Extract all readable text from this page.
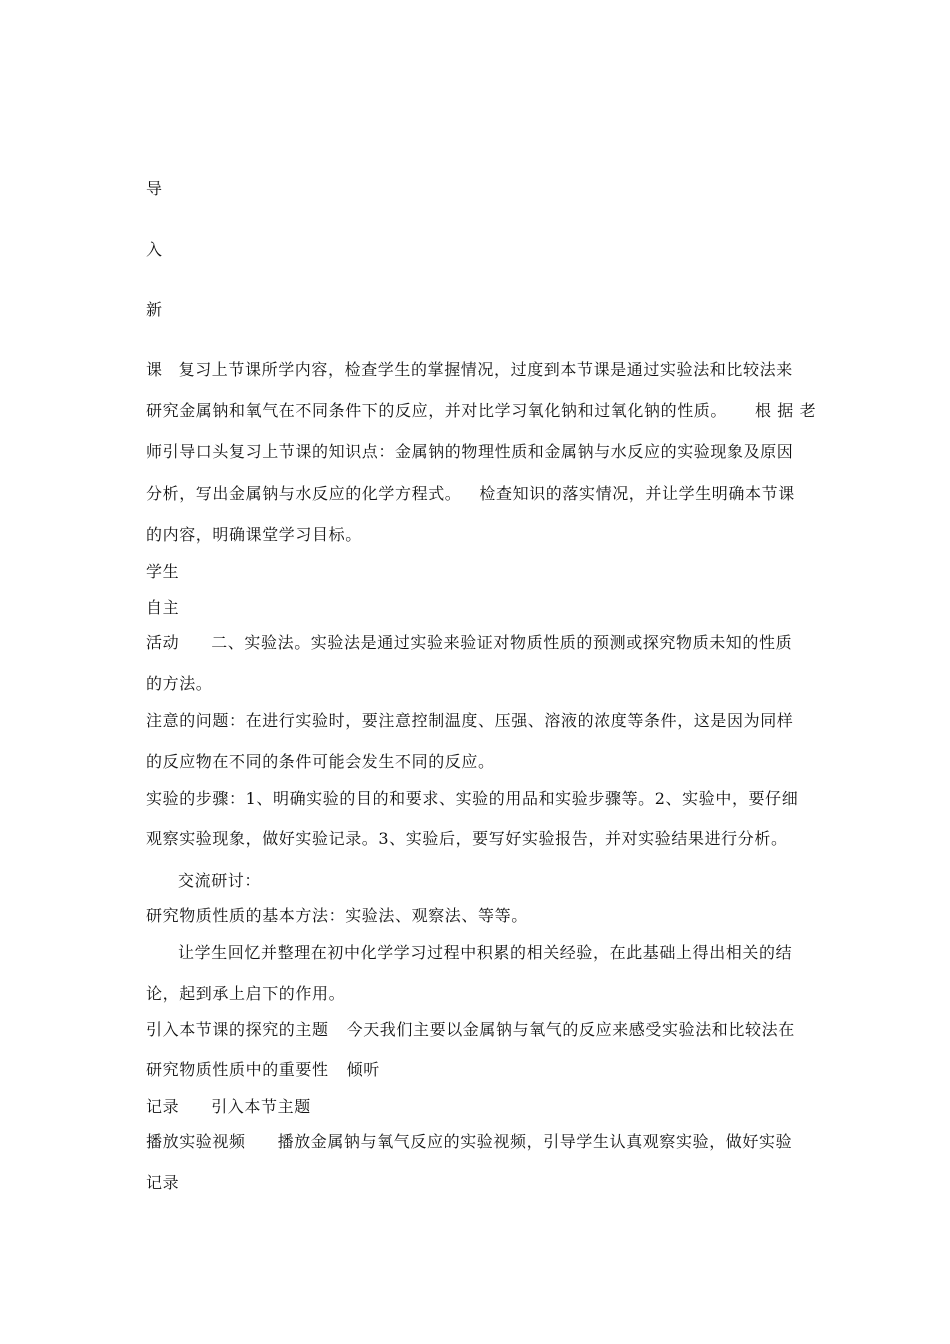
导
入
新
课 复习上节课所学内容，检查学生的掌握情况，过度到本节课是通过实验法和比较法来
研究金属钠和氧气在不同条件下的反应，并对比学习氧化钠和过氧化钠的性质。 根 据 老
师引导口头复习上节课的知识点：金属钠的物理性质和金属钠与水反应的实验现象及原因
分析，写出金属钠与水反应的化学方程式。 检查知识的落实情况，并让学生明确本节课
的内容，明确课堂学习目标。
学生
自主
活动 二、实验法。实验法是通过实验来验证对物质性质的预测或探究物质未知的性质
的方法。
注意的问题：在进行实验时，要注意控制温度、压强、溶液的浓度等条件，这是因为同样
的反应物在不同的条件可能会发生不同的反应。
实验的步骤：1、明确实验的目的和要求、实验的用品和实验步骤等。2、实验中，要仔细
观察实验现象，做好实验记录。3、实验后，要写好实验报告，并对实验结果进行分析。
交流研讨：
研究物质性质的基本方法：实验法、观察法、等等。
让学生回忆并整理在初中化学学习过程中积累的相关经验，在此基础上得出相关的结
论，起到承上启下的作用。
引入本节课的探究的主题 今天我们主要以金属钠与氧气的反应来感受实验法和比较法在
研究物质性质中的重要性 倾听
记录 引入本节主题
播放实验视频 播放金属钠与氧气反应的实验视频，引导学生认真观察实验，做好实验
记录
